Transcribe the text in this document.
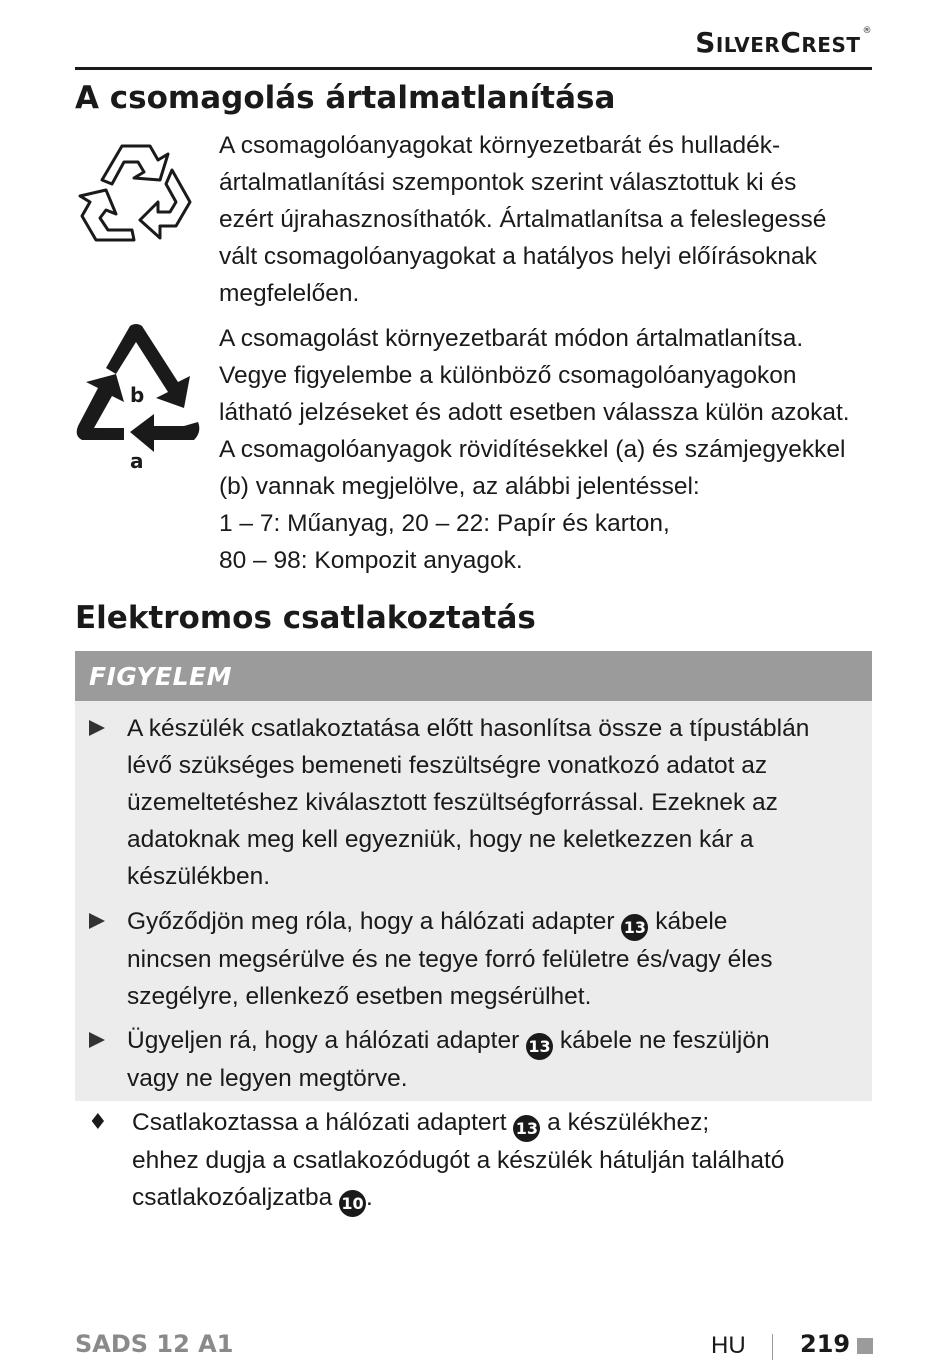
SilverCrest ®
A csomagolás ártalmatlanítása

A csomagolóanyagokat környezetbarát és hulladék-
ártalmatlanítási szempontok szerint választottuk ki és
ezért újrahasznosíthatók. Ártalmatlanítsa a feleslegessé
vált csomagolóanyagokat a hatályos helyi előírásoknak
megfelelően.

b
a

A csomagolást környezetbarát módon ártalmatlanítsa.
Vegye figyelembe a különböző csomagolóanyagokon
látható jelzéseket és adott esetben válassza külön azokat.
A csomagolóanyagok rövidítésekkel (a) és számjegyekkel
(b) vannak megjelölve, az alábbi jelentéssel:
1 – 7: Műanyag, 20 – 22: Papír és karton,
80 – 98: Kompozit anyagok.

Elektromos csatlakoztatás
FIGYELEM

A készülék csatlakoztatása előtt hasonlítsa össze a típustáblán
lévő szükséges bemeneti feszültségre vonatkozó adatot az
üzemeltetéshez kiválasztott feszültségforrással. Ezeknek az
adatoknak meg kell egyezniük, hogy ne keletkezzen kár a
készülékben.

Győződjön meg róla, hogy a hálózati adapter 13 kábele
nincsen megsérülve és ne tegye forró felületre és/vagy éles
szegélyre, ellenkező esetben megsérülhet.

Ügyeljen rá, hogy a hálózati adapter 13 kábele ne feszüljön
vagy ne legyen megtörve.

♦ Csatlakoztassa a hálózati adaptert 13 a készülékhez;
ehhez dugja a csatlakozódugót a készülék hátulján található
csatlakozóaljzatba 10.

SADS 12 A1	HU 219
